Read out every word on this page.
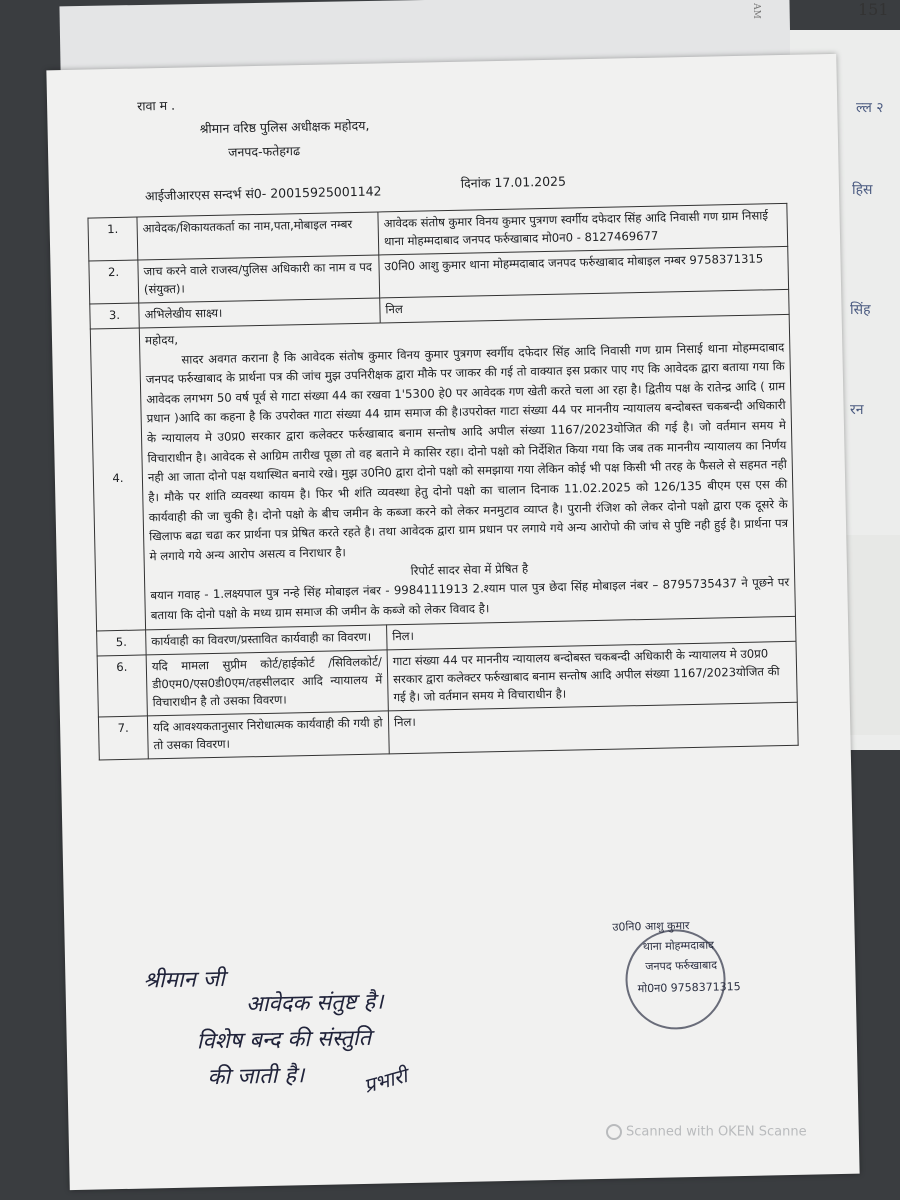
151
AM
ल्ल २
हिस
सिंह
रन
रावा म .
श्रीमान वरिष्ठ पुलिस अधीक्षक महोदय,
जनपद-फतेहगढ
आईजीआरएस सन्दर्भ सं0- 20015925001142
दिनांक 17.01.2025
1.	आवेदक/शिकायतकर्ता का नाम,पता,मोबाइल नम्बर	आवेदक संतोष कुमार विनय कुमार पुत्रगण स्वर्गीय दफेदार सिंह आदि निवासी गण ग्राम निसाई थाना मोहम्मदाबाद जनपद फर्रुखाबाद मो0न0 - 8127469677
2.	जाच करने वाले राजस्व/पुलिस अधिकारी का नाम व पद (संयुक्त)।	उ0नि0 आशु कुमार थाना मोहम्मदाबाद जनपद फर्रुखाबाद मोबाइल नम्बर 9758371315
3.	अभिलेखीय साक्ष्य।	निल
4.	महोदय, सादर अवगत कराना है कि आवेदक संतोष कुमार विनय कुमार पुत्रगण स्वर्गीय दफेदार सिंह आदि निवासी गण ग्राम निसाई थाना मोहम्मदाबाद जनपद फर्रुखाबाद के प्रार्थना पत्र की जांच मुझ उपनिरीक्षक द्वारा मौके पर जाकर की गई तो वाक्यात इस प्रकार पाए गए कि आवेदक द्वारा बताया गया कि आवेदक लगभग 50 वर्ष पूर्व से गाटा संख्या 44 का रखवा 1'5300 हे0 पर आवेदक गण खेती करते चला आ रहा है। द्वितीय पक्ष के रातेन्द्र आदि ( ग्राम प्रधान )आदि का कहना है कि उपरोक्त गाटा संख्या 44 ग्राम समाज की है।उपरोक्त गाटा संख्या 44 पर माननीय न्यायालय बन्दोबस्त चकबन्दी अधिकारी के न्यायालय मे उ0प्र0 सरकार द्वारा कलेक्टर फर्रुखाबाद बनाम सन्तोष आदि अपील संख्या 1167/2023योजित की गई है। जो वर्तमान समय मे विचाराधीन है। आवेदक से आग्रिम तारीख पूछा तो वह बताने मे कासिर रहा। दोनो पक्षो को निर्देशित किया गया कि जब तक माननीय न्यायालय का निर्णय नही आ जाता दोनो पक्ष यथास्थित बनाये रखे। मुझ उ0नि0 द्वारा दोनो पक्षो को समझाया गया लेकिन कोई भी पक्ष किसी भी तरह के फैसले से सहमत नही है। मौके पर शांति व्यवस्था कायम है। फिर भी शंति व्यवस्था हेतु दोनो पक्षो का चालान दिनाक 11.02.2025 को 126/135 बीएम एस एस की कार्यवाही की जा चुकी है। दोनो पक्षो के बीच जमीन के कब्जा करने को लेकर मनमुटाव व्याप्त है। पुरानी रंजिश को लेकर दोनो पक्षो द्वारा एक दूसरे के खिलाफ बढा चढा कर प्रार्थना पत्र प्रेषित करते रहते है। तथा आवेदक द्वारा ग्राम प्रधान पर लगाये गये अन्य आरोपो की जांच से पुष्टि नही हुई है। प्रार्थना पत्र मे लगाये गये अन्य आरोप असत्य व निराधार है।
रिपोर्ट सादर सेवा में प्रेषित है
बयान गवाह - 1.लक्ष्यपाल पुत्र नन्हे सिंह मोबाइल नंबर - 9984111913 2.श्याम पाल पुत्र छेदा सिंह मोबाइल नंबर – 8795735437 ने पूछने पर बताया कि दोनो पक्षो के मध्य ग्राम समाज की जमीन के कब्जे को लेकर विवाद है।	

5.	कार्यवाही का विवरण/प्रस्तावित कार्यवाही का विवरण।	निल।
6.	यदि मामला सुप्रीम कोर्ट/हाईकोर्ट /सिविलकोर्ट/डी0एम0/एस0डी0एम/तहसीलदार आदि न्यायालय में विचाराधीन है तो उसका विवरण।	गाटा संख्या 44 पर माननीय न्यायालय बन्दोबस्त चकबन्दी अधिकारी के न्यायालय मे उ0प्र0 सरकार द्वारा कलेक्टर फर्रुखाबाद बनाम सन्तोष आदि अपील संख्या 1167/2023योजित की गई है। जो वर्तमान समय मे विचाराधीन है।
7.	यदि आवश्यकतानुसार निरोधात्मक कार्यवाही की गयी हो तो उसका विवरण।	निल।
उ0नि0 आशु कुमार
थाना मोहम्मदाबाद
जनपद फर्रुखाबाद
मो0न0 9758371315
श्रीमान जी
आवेदक संतुष्ट है।
विशेष बन्द की संस्तुति
की जाती है।	प्रभारी
Scanned with OKEN Scanne
